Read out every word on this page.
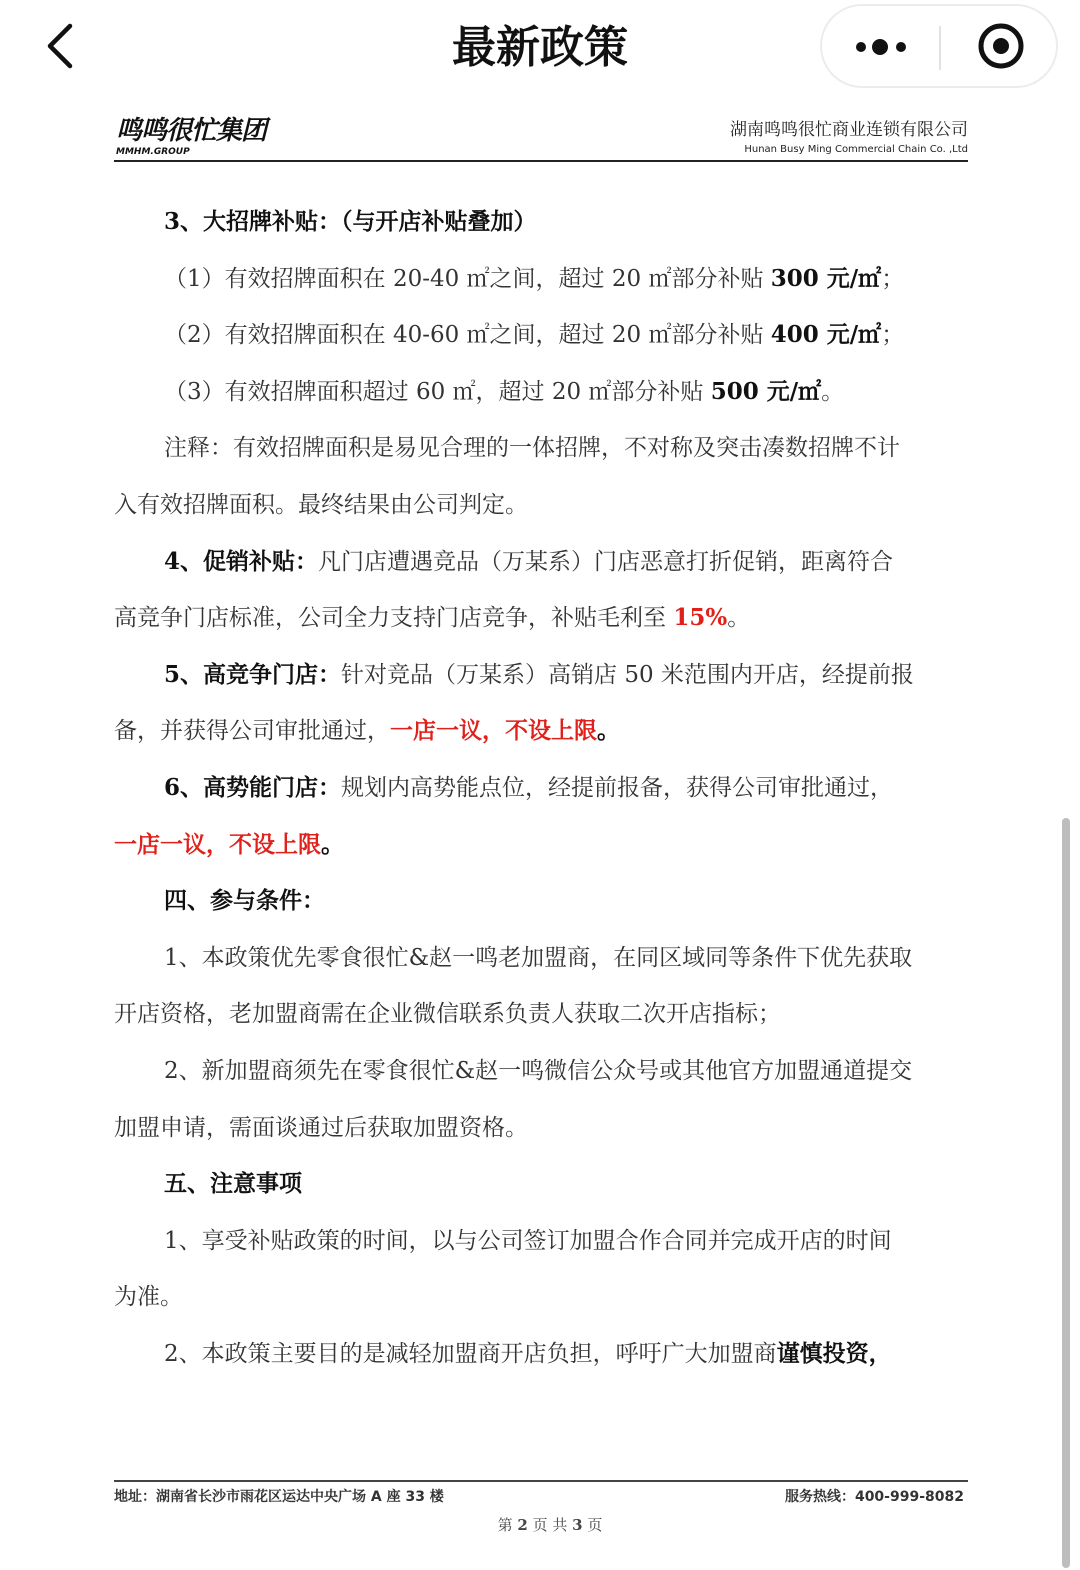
最新政策
鸣鸣很忙集团
MMHM.GROUP
湖南鸣鸣很忙商业连锁有限公司
Hunan Busy Ming Commercial Chain Co. ,Ltd

3、大招牌补贴：（与开店补贴叠加）

（1）有效招牌面积在 20-40 ㎡之间，超过 20 ㎡部分补贴 300 元/㎡；

（2）有效招牌面积在 40-60 ㎡之间，超过 20 ㎡部分补贴 400 元/㎡；

（3）有效招牌面积超过 60 ㎡，超过 20 ㎡部分补贴 500 元/㎡。

注释：有效招牌面积是易见合理的一体招牌，不对称及突击凑数招牌不计

入有效招牌面积。最终结果由公司判定。

4、促销补贴：凡门店遭遇竞品（万某系）门店恶意打折促销，距离符合

高竞争门店标准，公司全力支持门店竞争，补贴毛利至 15%。

5、高竞争门店：针对竞品（万某系）高销店 50 米范围内开店，经提前报

备，并获得公司审批通过，一店一议，不设上限。

6、高势能门店：规划内高势能点位，经提前报备，获得公司审批通过，

一店一议，不设上限。

四、参与条件：

1、本政策优先零食很忙&赵一鸣老加盟商，在同区域同等条件下优先获取

开店资格，老加盟商需在企业微信联系负责人获取二次开店指标；

2、新加盟商须先在零食很忙&赵一鸣微信公众号或其他官方加盟通道提交

加盟申请，需面谈通过后获取加盟资格。

五、注意事项

1、享受补贴政策的时间，以与公司签订加盟合作合同并完成开店的时间

为准。

2、本政策主要目的是减轻加盟商开店负担，呼吁广大加盟商谨慎投资，

地址：湖南省长沙市雨花区运达中央广场 A 座 33 楼	服务热线：400-999-8082
第 2 页 共 3 页
